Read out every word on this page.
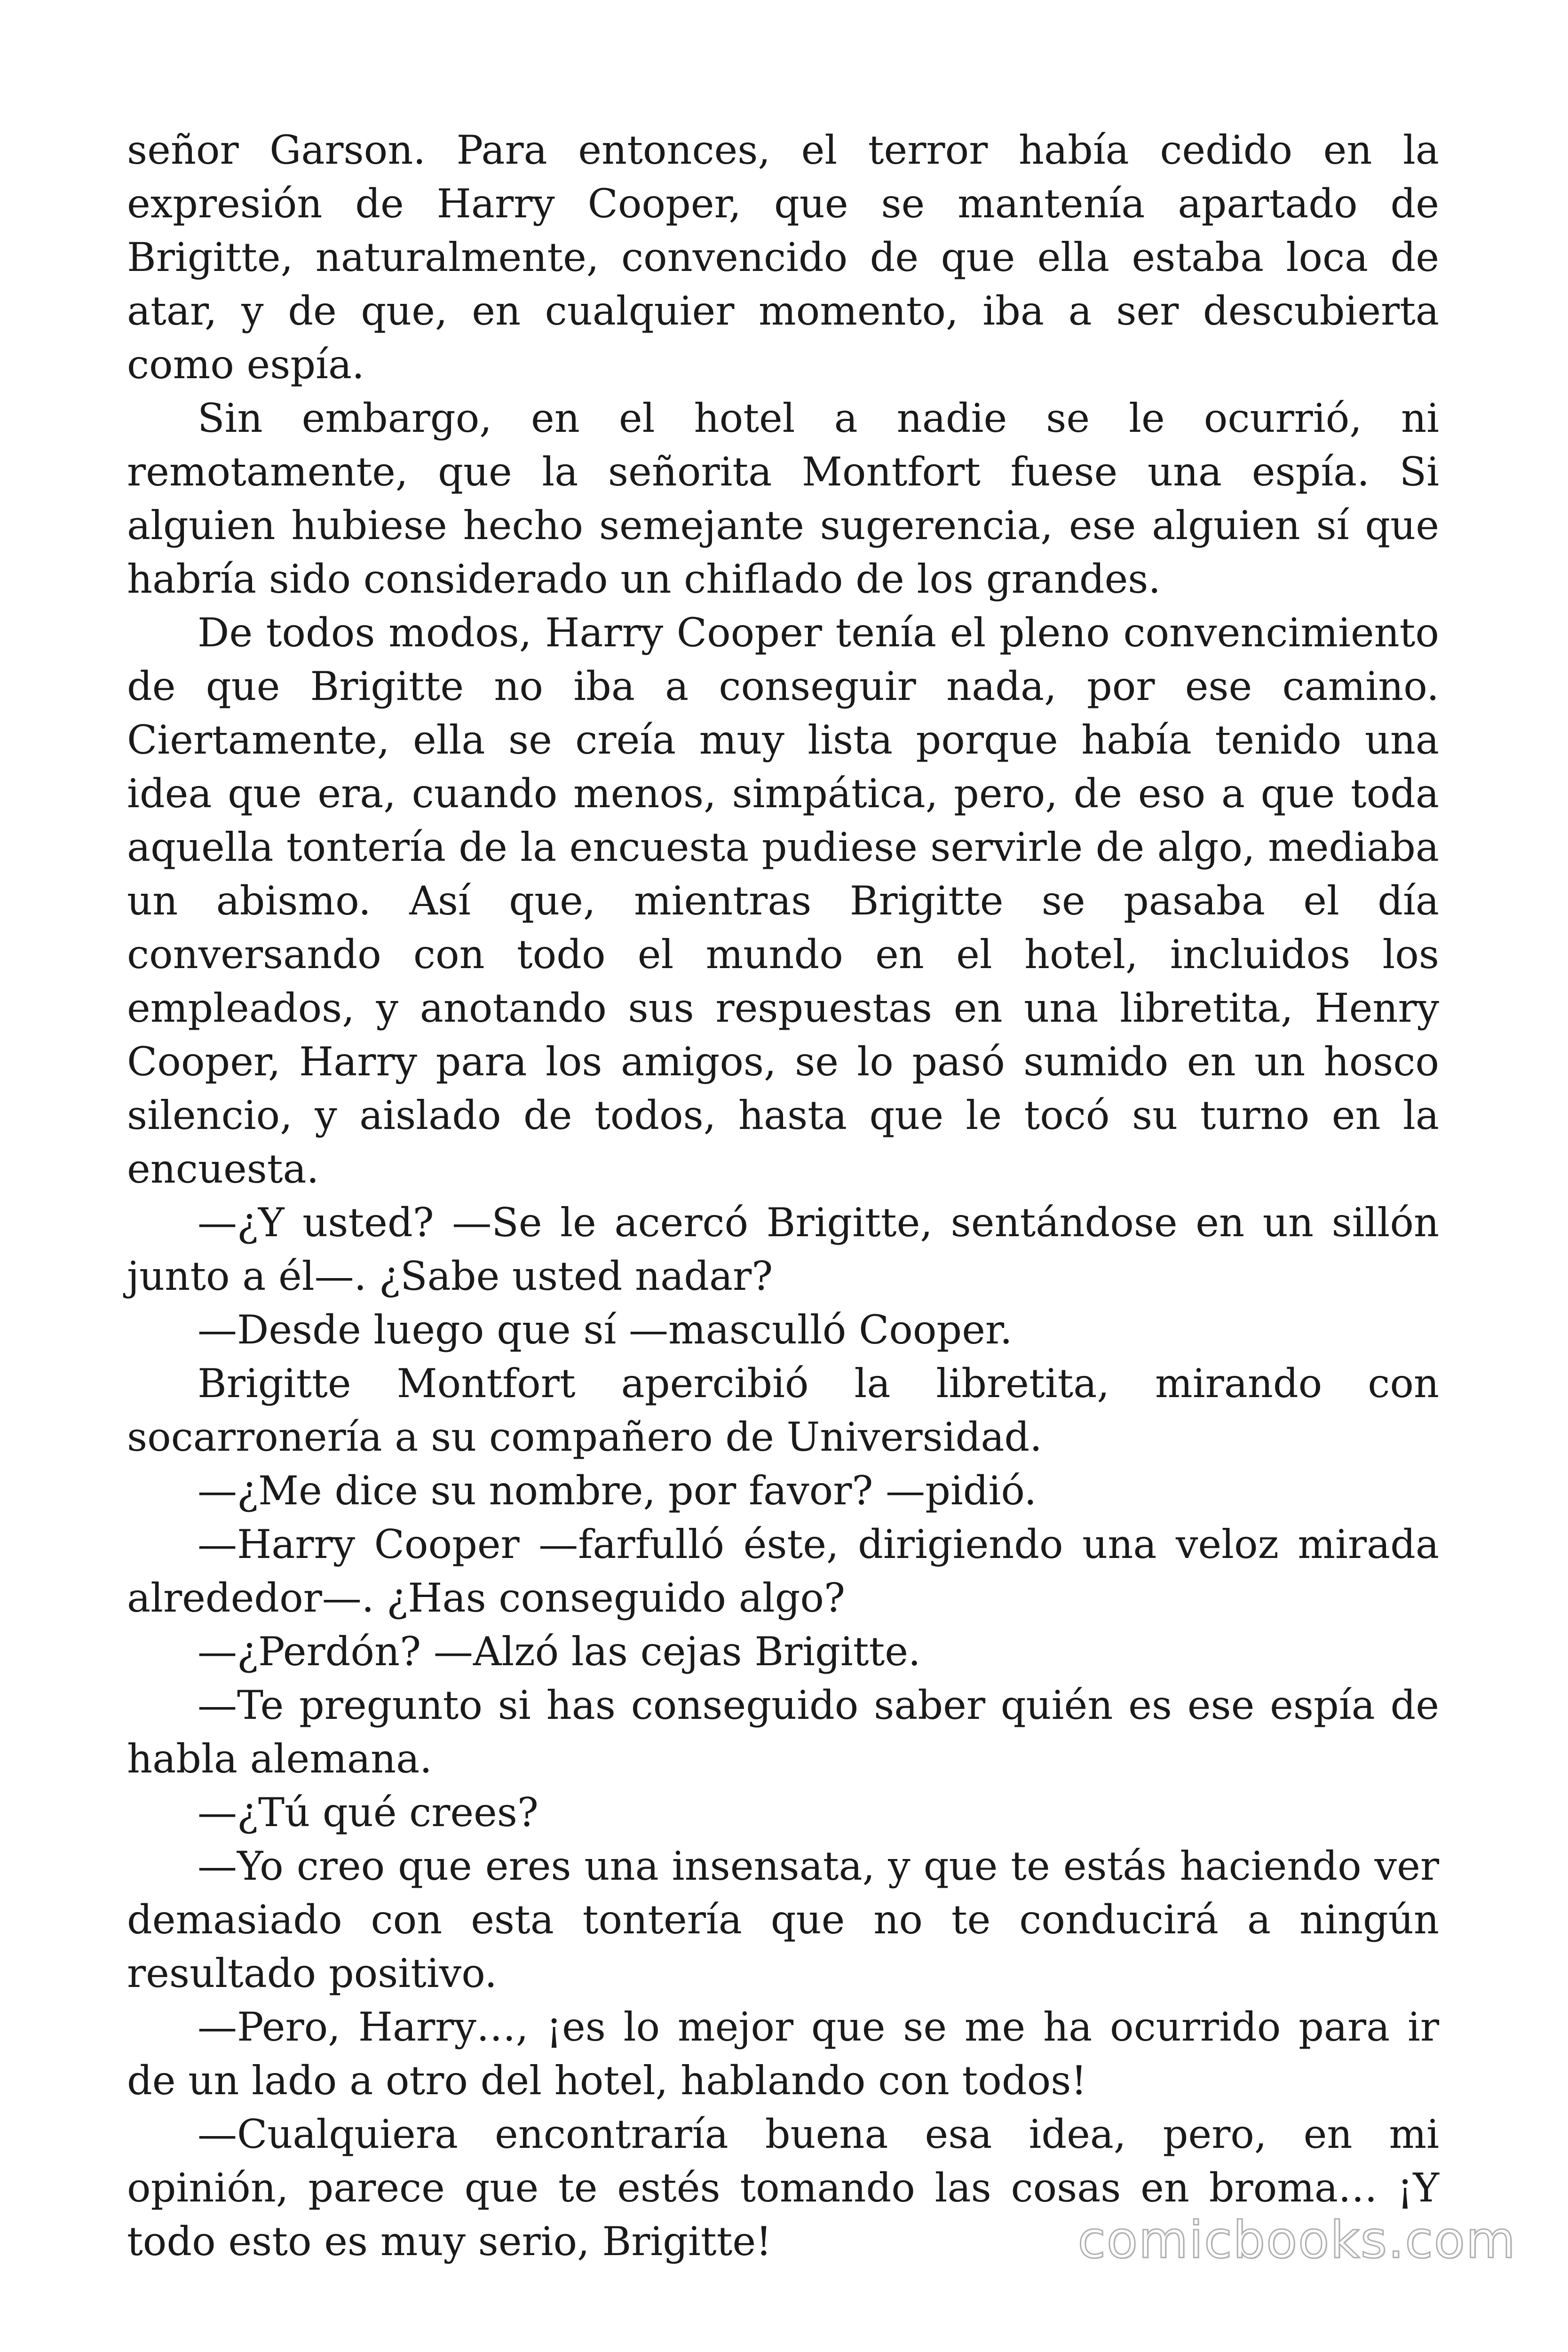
señor Garson. Para entonces, el terror había cedido en la expresión de Harry Cooper, que se mantenía apartado de Brigitte, naturalmente, convencido de que ella estaba loca de atar, y de que, en cualquier momento, iba a ser descubierta como espía.

Sin embargo, en el hotel a nadie se le ocurrió, ni remotamente, que la señorita Montfort fuese una espía. Si alguien hubiese hecho semejante sugerencia, ese alguien sí que habría sido considerado un chiflado de los grandes.

De todos modos, Harry Cooper tenía el pleno convencimiento de que Brigitte no iba a conseguir nada, por ese camino. Ciertamente, ella se creía muy lista porque había tenido una idea que era, cuando menos, simpática, pero, de eso a que toda aquella tontería de la encuesta pudiese servirle de algo, mediaba un abismo. Así que, mientras Brigitte se pasaba el día conversando con todo el mundo en el hotel, incluidos los empleados, y anotando sus respuestas en una libretita, Henry Cooper, Harry para los amigos, se lo pasó sumido en un hosco silencio, y aislado de todos, hasta que le tocó su turno en la encuesta.

—¿Y usted? —Se le acercó Brigitte, sentándose en un sillón junto a él—. ¿Sabe usted nadar?

—Desde luego que sí —mascullό Cooper.

Brigitte Montfort apercibió la libretita, mirando con socarronería a su compañero de Universidad.

—¿Me dice su nombre, por favor? —pidió.

—Harry Cooper —farfulló éste, dirigiendo una veloz mirada alrededor—. ¿Has conseguido algo?

—¿Perdón? —Alzó las cejas Brigitte.

—Te pregunto si has conseguido saber quién es ese espía de habla alemana.

—¿Tú qué crees?

—Yo creo que eres una insensata, y que te estás haciendo ver demasiado con esta tontería que no te conducirá a ningún resultado positivo.

—Pero, Harry…, ¡es lo mejor que se me ha ocurrido para ir de un lado a otro del hotel, hablando con todos!

—Cualquiera encontraría buena esa idea, pero, en mi opinión, parece que te estés tomando las cosas en broma… ¡Y todo esto es muy serio, Brigitte!	comicbooks.com
